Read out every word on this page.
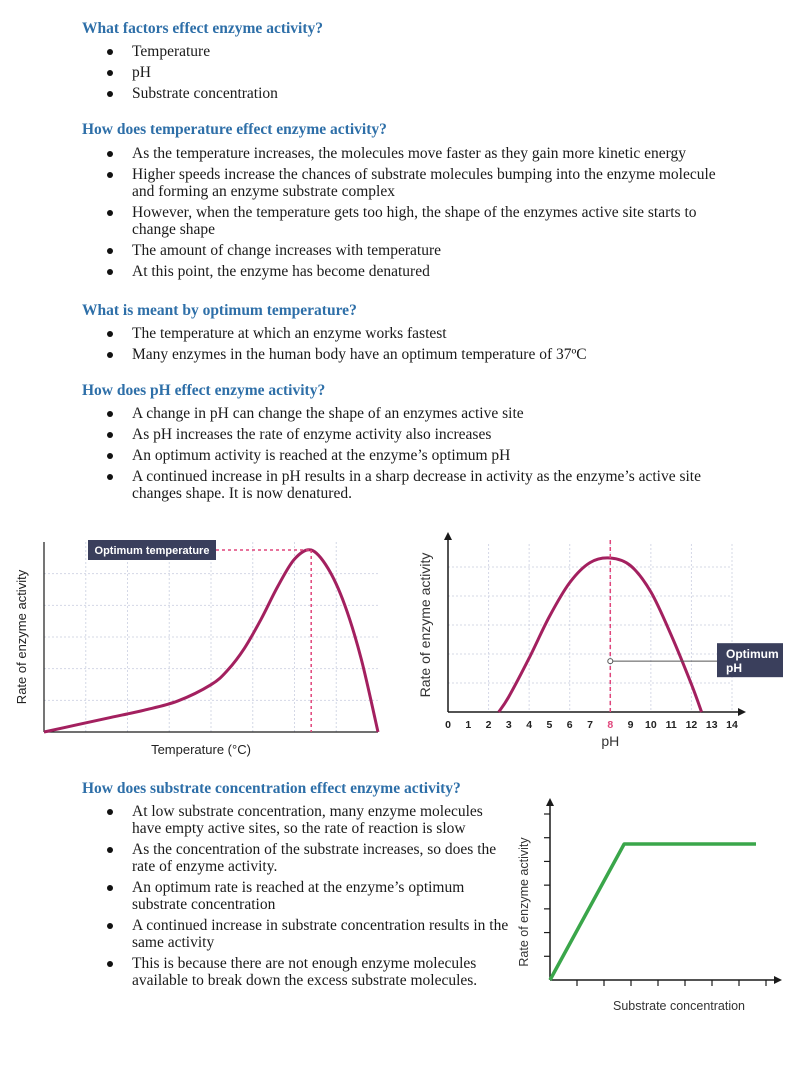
What factors effect enzyme activity?
Temperature
pH
Substrate concentration
How does temperature effect enzyme activity?
As the temperature increases, the molecules move faster as they gain more kinetic energy
Higher speeds increase the chances of substrate molecules bumping into the enzyme molecule and forming an enzyme substrate complex
However, when the temperature gets too high, the shape of the enzymes active site starts to change shape
The amount of change increases with temperature
At this point, the enzyme has become denatured
What is meant by optimum temperature?
The temperature at which an enzyme works fastest
Many enzymes in the human body have an optimum temperature of 37ºC
How does pH effect enzyme activity?
A change in pH can change the shape of an enzymes active site
As pH increases the rate of enzyme activity also increases
An optimum activity is reached at the enzyme’s optimum pH
A continued increase in pH results in a sharp decrease in activity as the enzyme’s active site changes shape. It is now denatured.
How does substrate concentration effect enzyme activity?
At low substrate concentration, many enzyme molecules have empty active sites, so the rate of reaction is slow
As the concentration of the substrate increases, so does the rate of enzyme activity.
An optimum rate is reached at the enzyme’s optimum substrate concentration
A continued increase in substrate concentration results in the same activity
This is because there are not enough enzyme molecules available to break down the excess substrate molecules.
Optimum temperature
Temperature (°C)
Rate of enzyme activity
0 1 2 3 4 5 6 7 8 9 10 11 12 13 14
Optimum
pH
pH
Rate of enzyme activity
Substrate concentration
Rate of enzyme activity
